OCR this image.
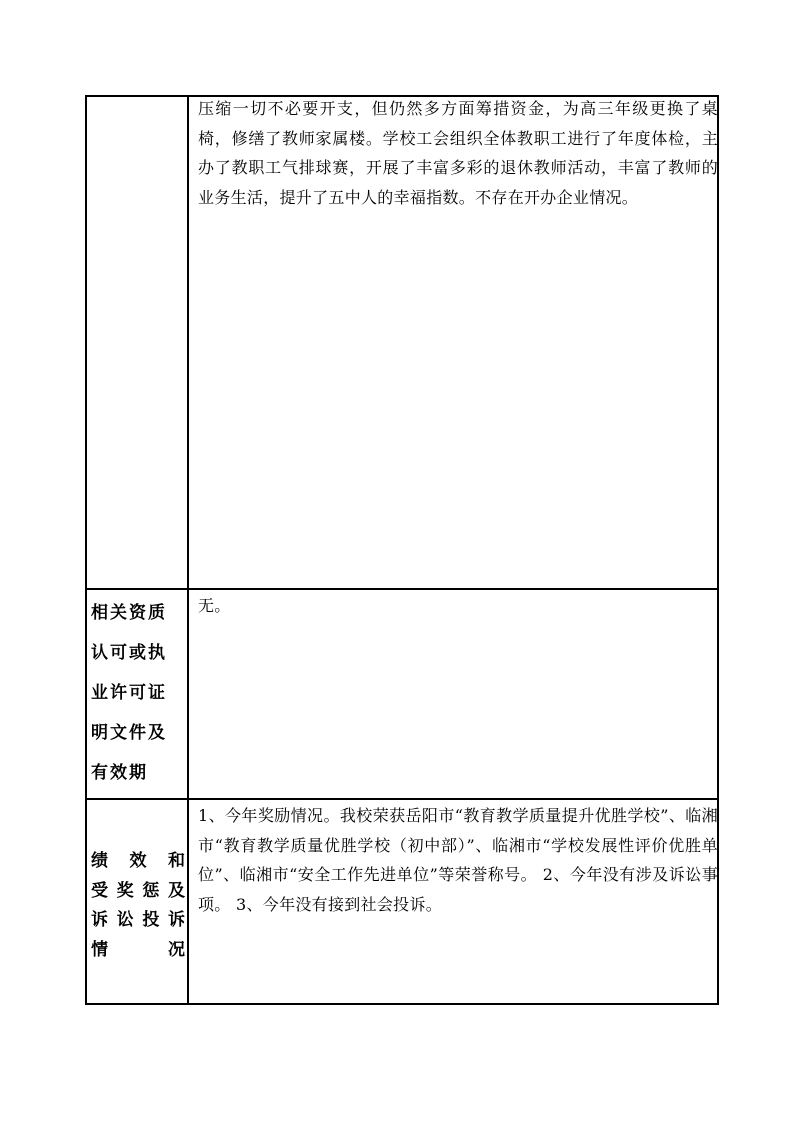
压缩一切不必要开支，但仍然多方面筹措资金，为高三年级更换了桌椅，修缮了教师家属楼。学校工会组织全体教职工进行了年度体检，主办了教职工气排球赛，开展了丰富多彩的退休教师活动，丰富了教师的业务生活，提升了五中人的幸福指数。不存在开办企业情况。
相关资质
认可或执
业许可证
明文件及
有效期
无。
绩效和
受奖惩及
诉讼投诉
情况
1、今年奖励情况。我校荣获岳阳市“教育教学质量提升优胜学校”、临湘市“教育教学质量优胜学校（初中部）”、临湘市“学校发展性评价优胜单位”、临湘市“安全工作先进单位”等荣誉称号。 2、今年没有涉及诉讼事项。 3、今年没有接到社会投诉。
